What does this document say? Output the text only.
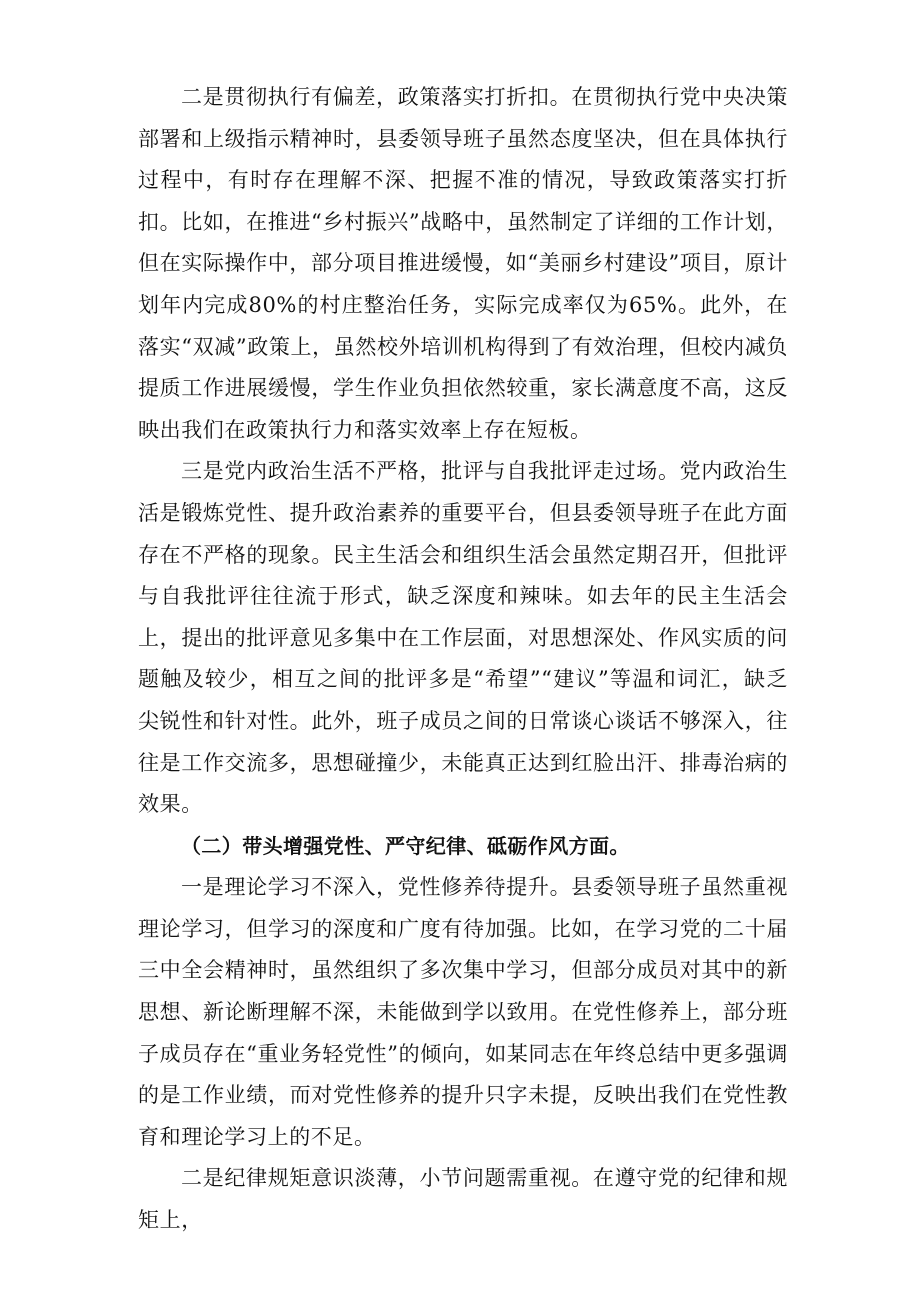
二是贯彻执行有偏差，政策落实打折扣。在贯彻执行党中央决策部署和上级指示精神时，县委领导班子虽然态度坚决，但在具体执行过程中，有时存在理解不深、把握不准的情况，导致政策落实打折扣。比如，在推进“乡村振兴”战略中，虽然制定了详细的工作计划，但在实际操作中，部分项目推进缓慢，如“美丽乡村建设”项目，原计划年内完成80%的村庄整治任务，实际完成率仅为65%。此外，在落实“双减”政策上，虽然校外培训机构得到了有效治理，但校内减负提质工作进展缓慢，学生作业负担依然较重，家长满意度不高，这反映出我们在政策执行力和落实效率上存在短板。

三是党内政治生活不严格，批评与自我批评走过场。党内政治生活是锻炼党性、提升政治素养的重要平台，但县委领导班子在此方面存在不严格的现象。民主生活会和组织生活会虽然定期召开，但批评与自我批评往往流于形式，缺乏深度和辣味。如去年的民主生活会上，提出的批评意见多集中在工作层面，对思想深处、作风实质的问题触及较少，相互之间的批评多是“希望”“建议”等温和词汇，缺乏尖锐性和针对性。此外，班子成员之间的日常谈心谈话不够深入，往往是工作交流多，思想碰撞少，未能真正达到红脸出汗、排毒治病的效果。

（二）带头增强党性、严守纪律、砥砺作风方面。

一是理论学习不深入，党性修养待提升。县委领导班子虽然重视理论学习，但学习的深度和广度有待加强。比如，在学习党的二十届三中全会精神时，虽然组织了多次集中学习，但部分成员对其中的新思想、新论断理解不深，未能做到学以致用。在党性修养上，部分班子成员存在“重业务轻党性”的倾向，如某同志在年终总结中更多强调的是工作业绩，而对党性修养的提升只字未提，反映出我们在党性教育和理论学习上的不足。

二是纪律规矩意识淡薄，小节问题需重视。在遵守党的纪律和规矩上，
